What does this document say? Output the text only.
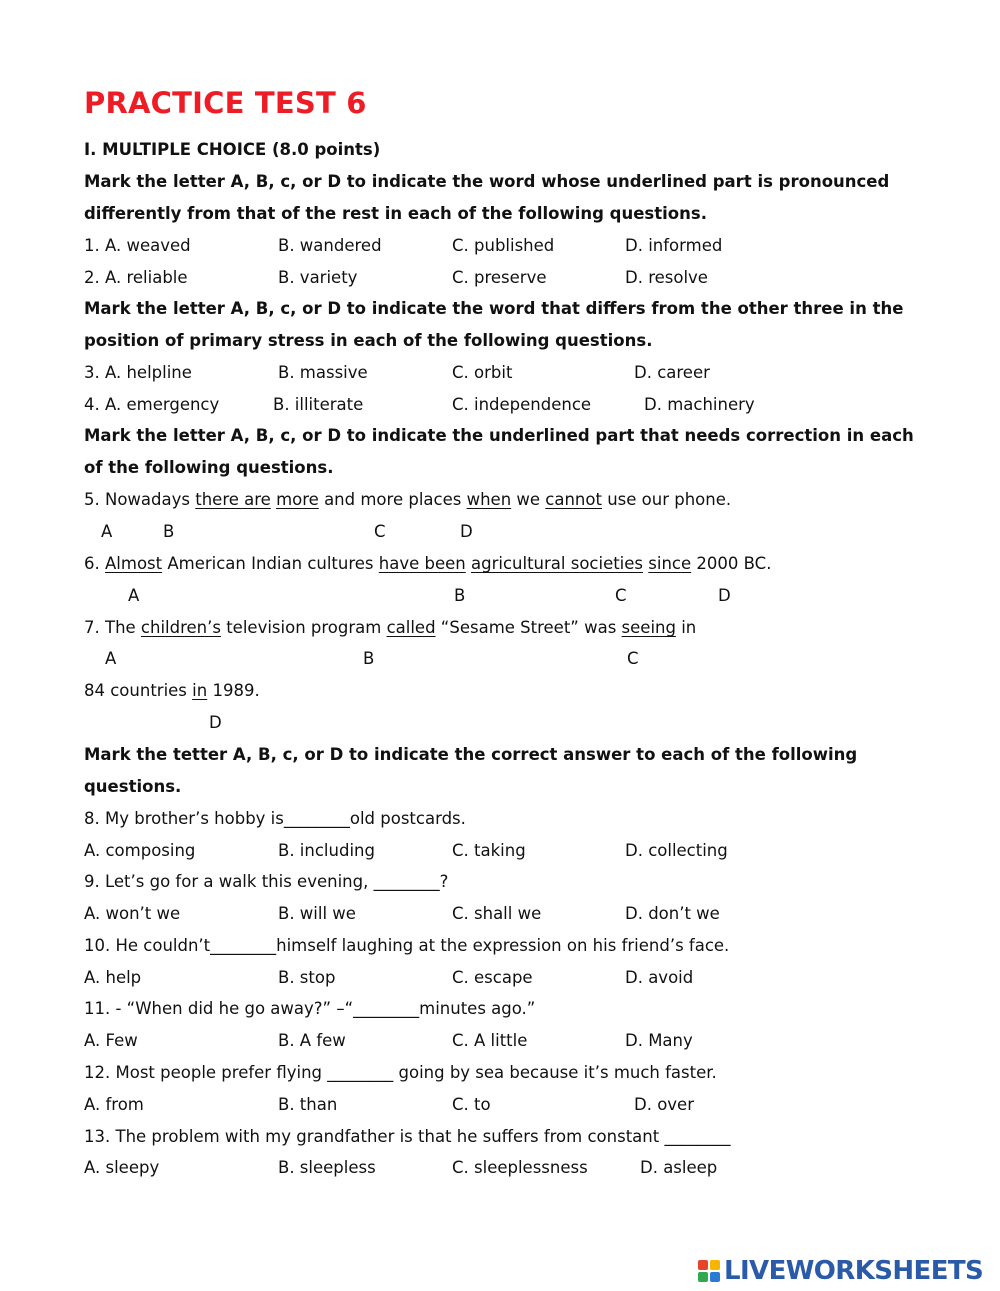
PRACTICE TEST 6
I. MULTIPLE CHOICE (8.0 points)
Mark the letter A, B, c, or D to indicate the word whose underlined part is pronounced
differently from that of the rest in each of the following questions.
1. A. weaved	B. wandered	C. published	D. informed
2. A. reliable	B. variety	C. preserve	D. resolve
Mark the letter A, B, c, or D to indicate the word that differs from the other three in the
position of primary stress in each of the following questions.
3. A. helpline	B. massive	C. orbit	D. career
4. A. emergency	B. illiterate	C. independence	D. machinery
Mark the letter A, B, c, or D to indicate the underlined part that needs correction in each
of the following questions.
5. Nowadays there are more and more places when we cannot use our phone.
A	B	C	D
6. Almost American Indian cultures have been agricultural societies since 2000 BC.
A	B	C	D
7. The children’s television program called “Sesame Street” was seeing in
A	B	C
84 countries in 1989.
D
Mark the tetter A, B, c, or D to indicate the correct answer to each of the following
questions.
8. My brother’s hobby is________old postcards.
A. composing	B. including	C. taking	D. collecting
9. Let’s go for a walk this evening, ________?
A. won’t we	B. will we	C. shall we	D. don’t we
10. He couldn’t________himself laughing at the expression on his friend’s face.
A. help	B. stop	C. escape	D. avoid
11. - “When did he go away?” –“________minutes ago.”
A. Few	B. A few	C. A little	D. Many
12. Most people prefer flying ________ going by sea because it’s much faster.
A. from	B. than	C. to	D. over
13. The problem with my grandfather is that he suffers from constant ________
A. sleepy	B. sleepless	C. sleeplessness	D. asleep
LIVEWORKSHEETS
